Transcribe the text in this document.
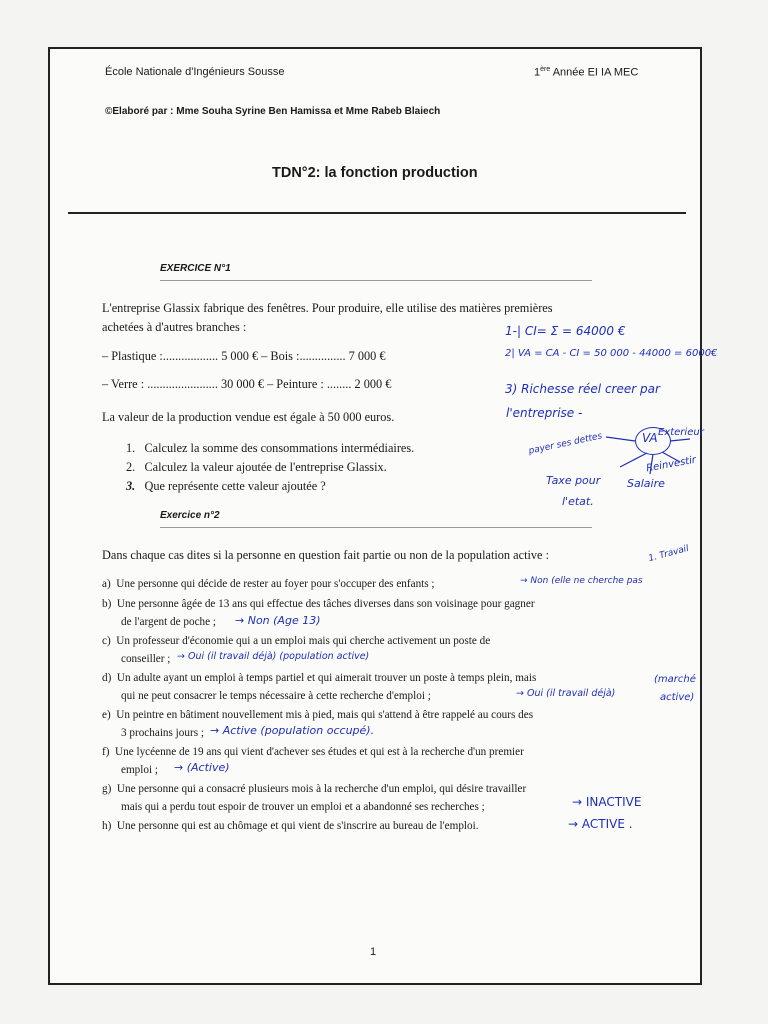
École Nationale d'Ingénieurs Sousse	1ère Année EI IA MEC
©Elaboré par : Mme Souha Syrine Ben Hamissa et Mme Rabeb Blaiech
TDN°2: la fonction production
EXERCICE N°1
L'entreprise Glassix fabrique des fenêtres. Pour produire, elle utilise des matières premières
achetées à d'autres branches :
– Plastique :.................. 5 000 € – Bois :............... 7 000 €
– Verre : ....................... 30 000 € – Peinture : ........ 2 000 €
La valeur de la production vendue est égale à 50 000 euros.
1. Calculez la somme des consommations intermédiaires.
2. Calculez la valeur ajoutée de l'entreprise Glassix.
3. Que représente cette valeur ajoutée ?
Exercice n°2
Dans chaque cas dites si la personne en question fait partie ou non de la population active :
a) Une personne qui décide de rester au foyer pour s'occuper des enfants ;
b) Une personne âgée de 13 ans qui effectue des tâches diverses dans son voisinage pour gagner
de l'argent de poche ;
c) Un professeur d'économie qui a un emploi mais qui cherche activement un poste de
conseiller ;
d) Un adulte ayant un emploi à temps partiel et qui aimerait trouver un poste à temps plein, mais
qui ne peut consacrer le temps nécessaire à cette recherche d'emploi ;
e) Un peintre en bâtiment nouvellement mis à pied, mais qui s'attend à être rappelé au cours des
3 prochains jours ;
f) Une lycéenne de 19 ans qui vient d'achever ses études et qui est à la recherche d'un premier
emploi ;
g) Une personne qui a consacré plusieurs mois à la recherche d'un emploi, qui désire travailler
mais qui a perdu tout espoir de trouver un emploi et a abandonné ses recherches ;
h) Une personne qui est au chômage et qui vient de s'inscrire au bureau de l'emploi.
1-| CI= Σ = 64000 €
2| VA = CA - CI = 50 000 - 44000 = 6000€
3) Richesse réel creer par
l'entreprise -
VA
payer ses dettes	Exterieur
Reinvestir
Taxe pour
l'etat.
Salaire
1. Travail
→ Non (elle ne cherche pas
→ Non (Age 13)
→ Oui (il travail déjà) (population active)
→ Oui (il travail déjà)
(marché
active)
→ Active (population occupé).
→ (Active)
→ INACTIVE
→ ACTIVE .
1
